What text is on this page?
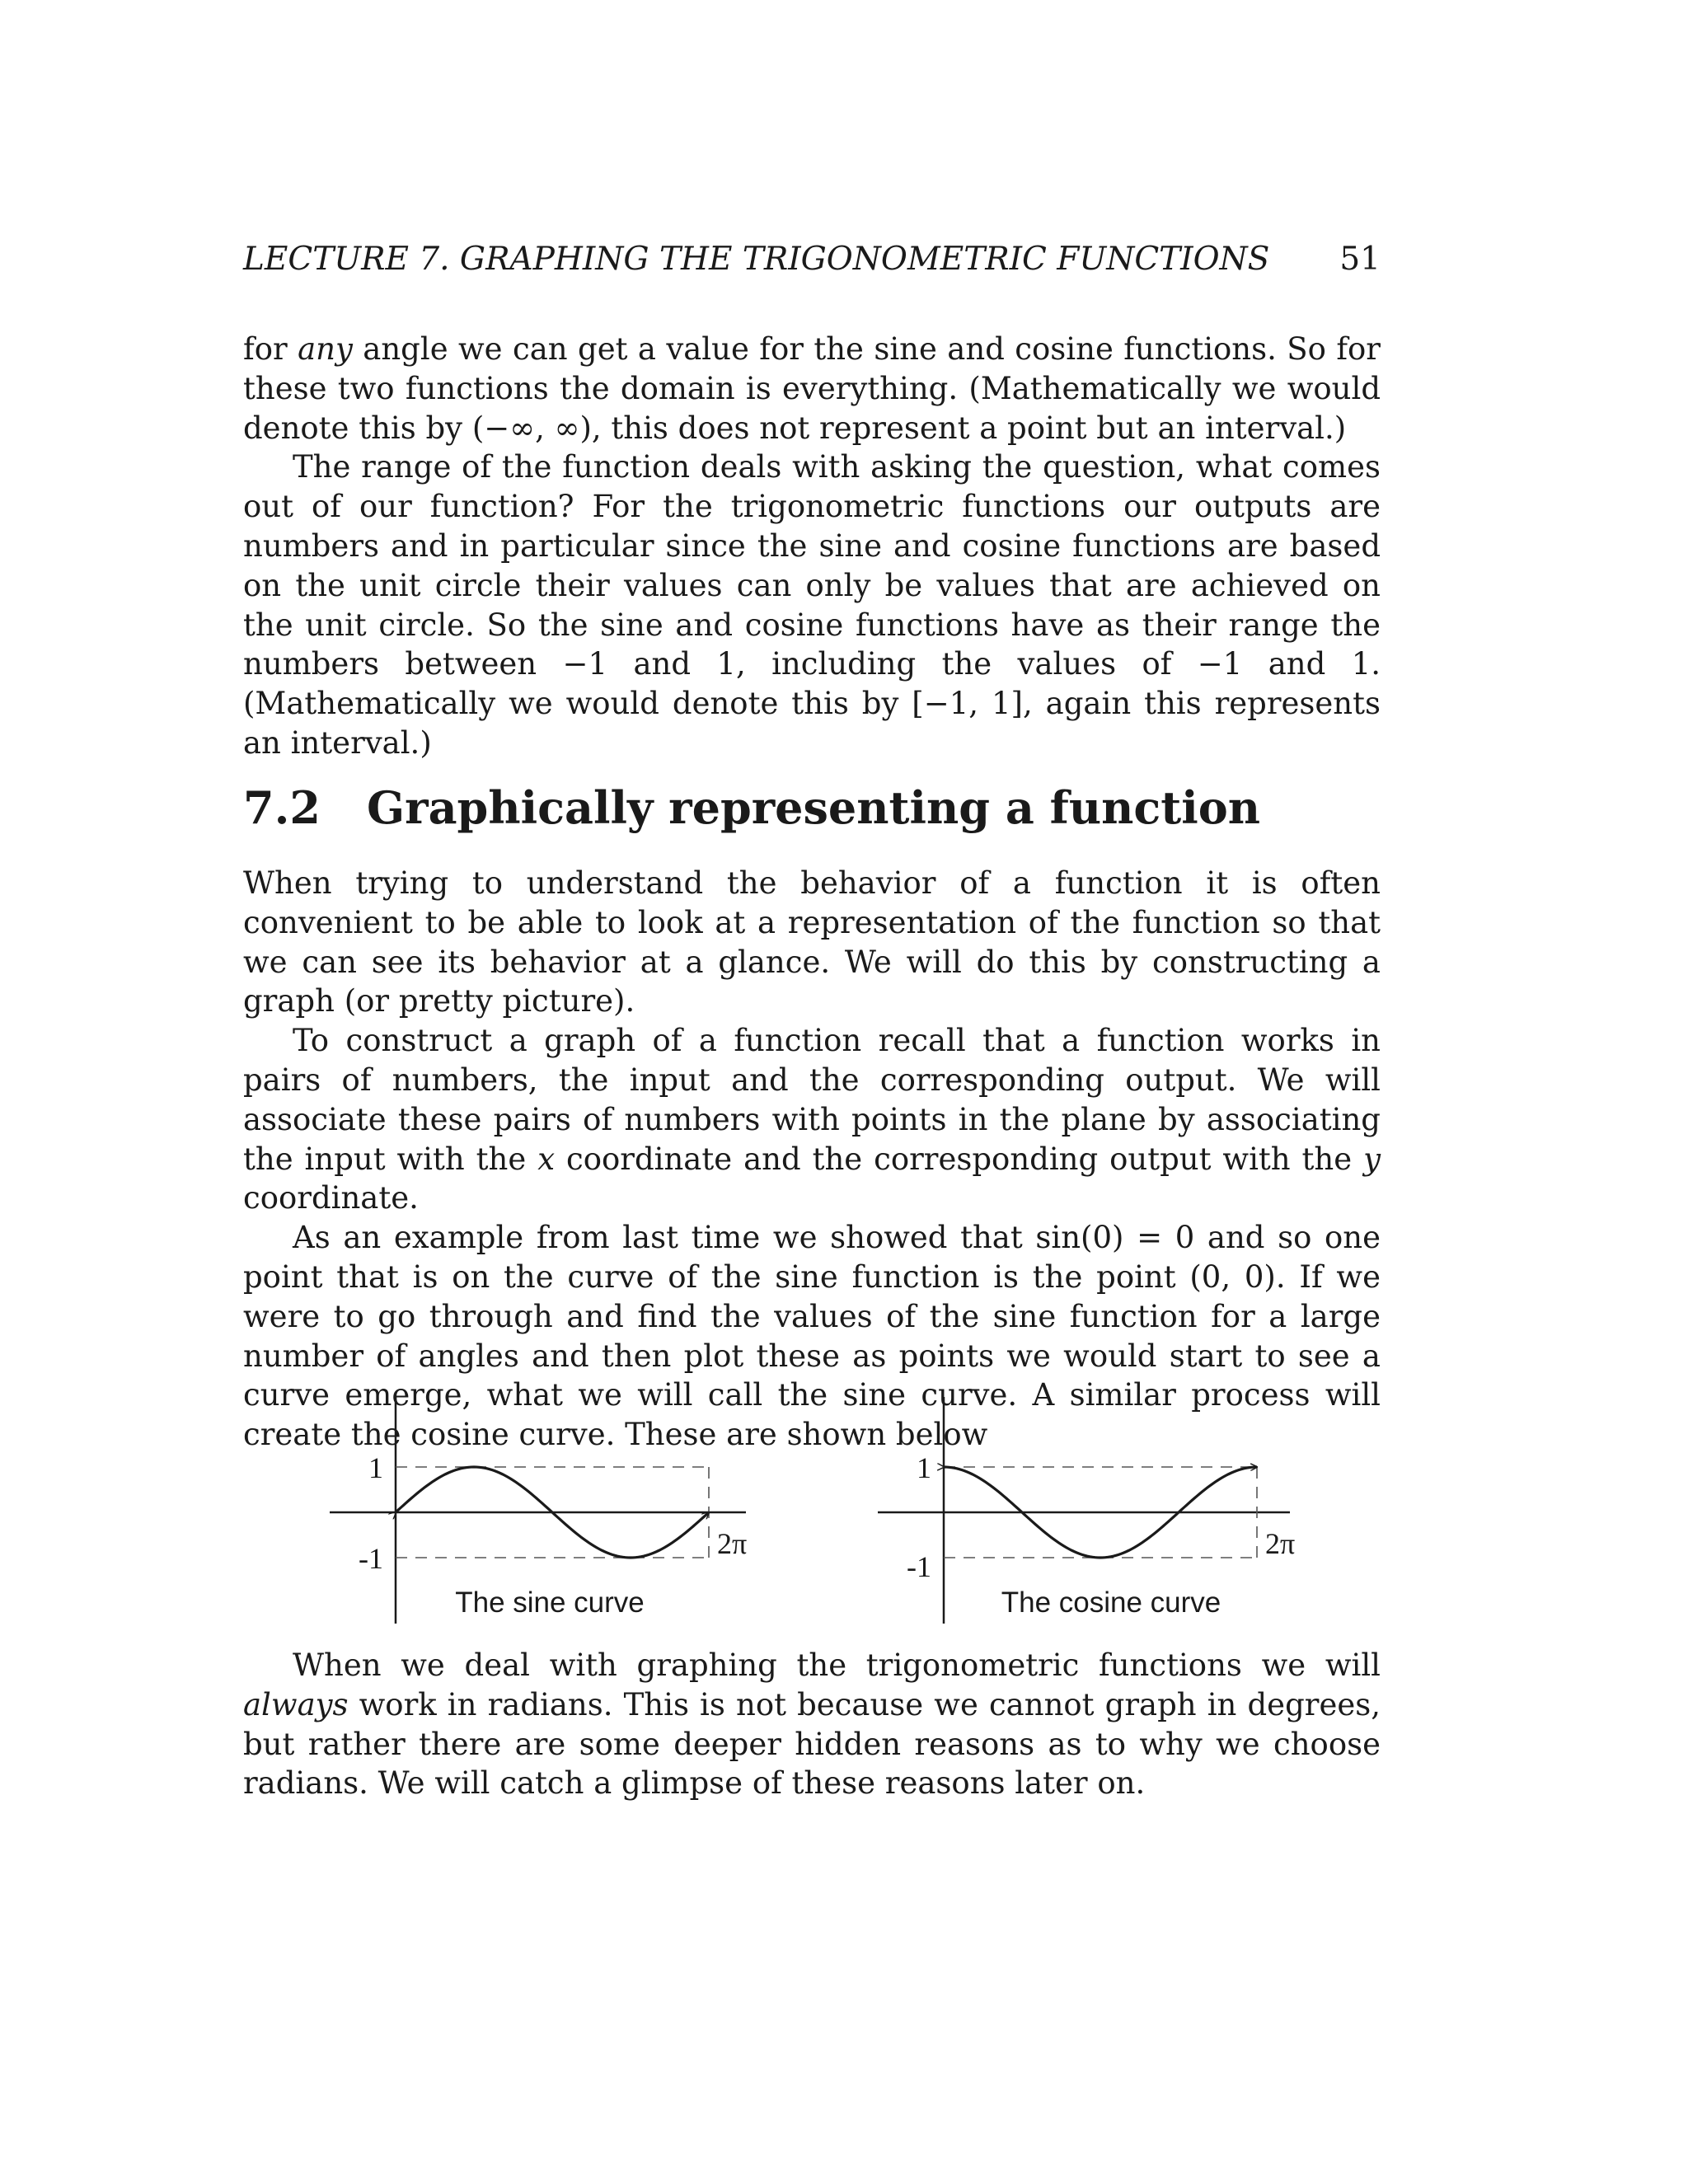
LECTURE 7. GRAPHING THE TRIGONOMETRIC FUNCTIONS 51

for any angle we can get a value for the sine and cosine functions. So for these two functions the domain is everything. (Mathematically we would denote this by (−∞, ∞), this does not represent a point but an interval.)

The range of the function deals with asking the question, what comes out of our function? For the trigonometric functions our outputs are numbers and in particular since the sine and cosine functions are based on the unit circle their values can only be values that are achieved on the unit circle. So the sine and cosine functions have as their range the numbers between −1 and 1, including the values of −1 and 1. (Mathematically we would denote this by [−1, 1], again this represents an interval.)

7.2 Graphically representing a function

When trying to understand the behavior of a function it is often convenient to be able to look at a representation of the function so that we can see its behavior at a glance. We will do this by constructing a graph (or pretty picture).

To construct a graph of a function recall that a function works in pairs of numbers, the input and the corresponding output. We will associate these pairs of numbers with points in the plane by associating the input with the x coordinate and the corresponding output with the y coordinate.

As an example from last time we showed that sin(0) = 0 and so one point that is on the curve of the sine function is the point (0, 0). If we were to go through and find the values of the sine function for a large number of angles and then plot these as points we would start to see a curve emerge, what we will call the sine curve. A similar process will create the cosine curve. These are shown below

1
-1	2π
The sine curve
1
-1
2π
The cosine curve

When we deal with graphing the trigonometric functions we will always work in radians. This is not because we cannot graph in degrees, but rather there are some deeper hidden reasons as to why we choose radians. We will catch a glimpse of these reasons later on.
